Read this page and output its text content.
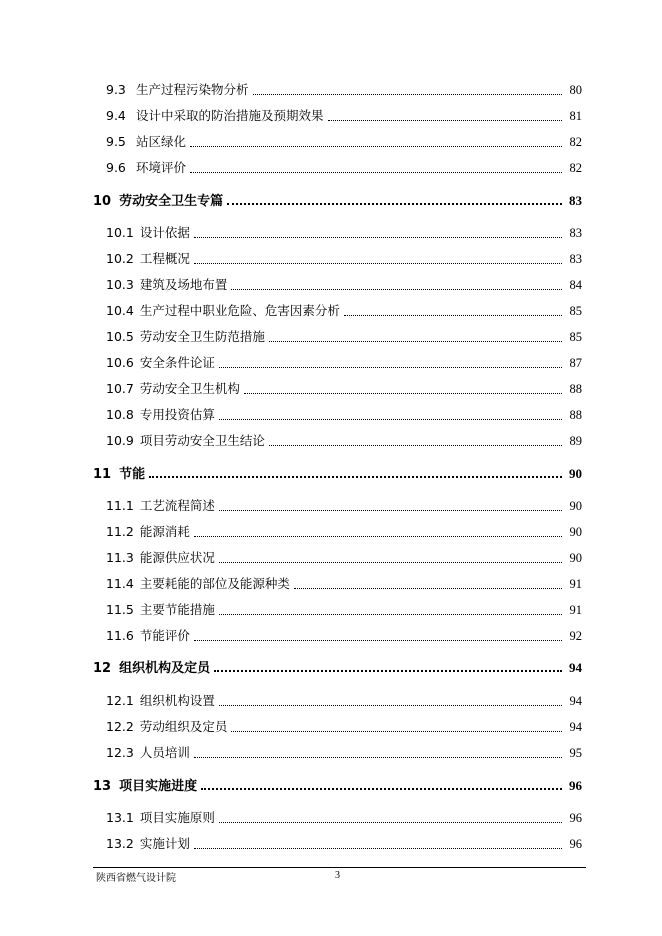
9.3 生产过程污染物分析	80
9.4 设计中采取的防治措施及预期效果	81
9.5 站区绿化	82
9.6 环境评价	82
10 劳动安全卫生专篇	83
10.1 设计依据	83
10.2 工程概况	83
10.3 建筑及场地布置	84
10.4 生产过程中职业危险、危害因素分析	85
10.5 劳动安全卫生防范措施	85
10.6 安全条件论证	87
10.7 劳动安全卫生机构	88
10.8 专用投资估算	88
10.9 项目劳动安全卫生结论	89
11 节能	90
11.1 工艺流程简述	90
11.2 能源消耗	90
11.3 能源供应状况	90
11.4 主要耗能的部位及能源种类	91
11.5 主要节能措施	91
11.6 节能评价	92
12 组织机构及定员	94
12.1 组织机构设置	94
12.2 劳动组织及定员	94
12.3 人员培训	95
13 项目实施进度	96
13.1 项目实施原则	96
13.2 实施计划	96
陕西省燃气设计院	3
